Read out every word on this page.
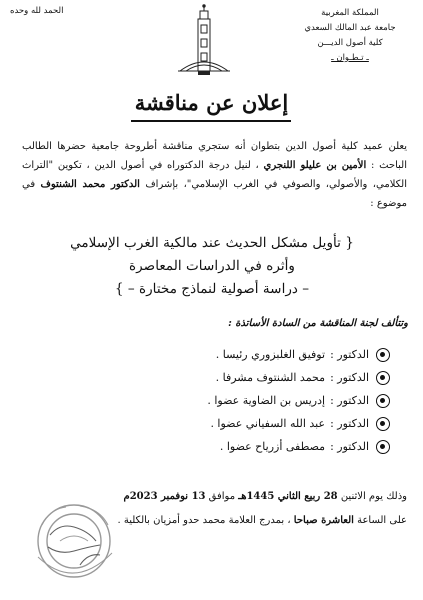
الحمد لله وحده	المملكة المغربية
جامعة عبد المالك السعدي
كلية أصول الديـــن
ـ تـطـوان ـ
إعلان عن مناقشة
يعلن عميد كلية أصول الدين بتطوان أنه ستجري مناقشة أطروحة جامعية حضرها الطالب الباحث : الأمين بن عليلو اللنجري ، لنيل درجة الدكتوراه في أصول الدين ، تكوين "التراث الكلامي، والأصولي، والصوفي في الغرب الإسلامي"، بإشراف الدكتور محمد الشنتوف في موضوع :
{ تأويل مشكل الحديث عند مالكية الغرب الإسلامي
وأثره في الدراسات المعاصرة
– دراسة أصولية لنماذج مختارة – }
وتتألف لجنة المناقشة من السادة الأساتذة :
الدكتور :
توفيق الغلبزوري رئيسا .
الدكتور :
محمد الشنتوف مشرفا .
الدكتور :
إدريس بن الضاوية عضوا .
الدكتور :
عبد الله السفياني عضوا .
الدكتور :
مصطفى أزرياح عضوا .
وذلك يوم الاثنين 28 ربيع الثاني 1445هـ موافق 13 نوفمبر 2023م
على الساعة العاشرة صباحا ، بمدرج العلامة محمد حدو أمزيان بالكلية .
